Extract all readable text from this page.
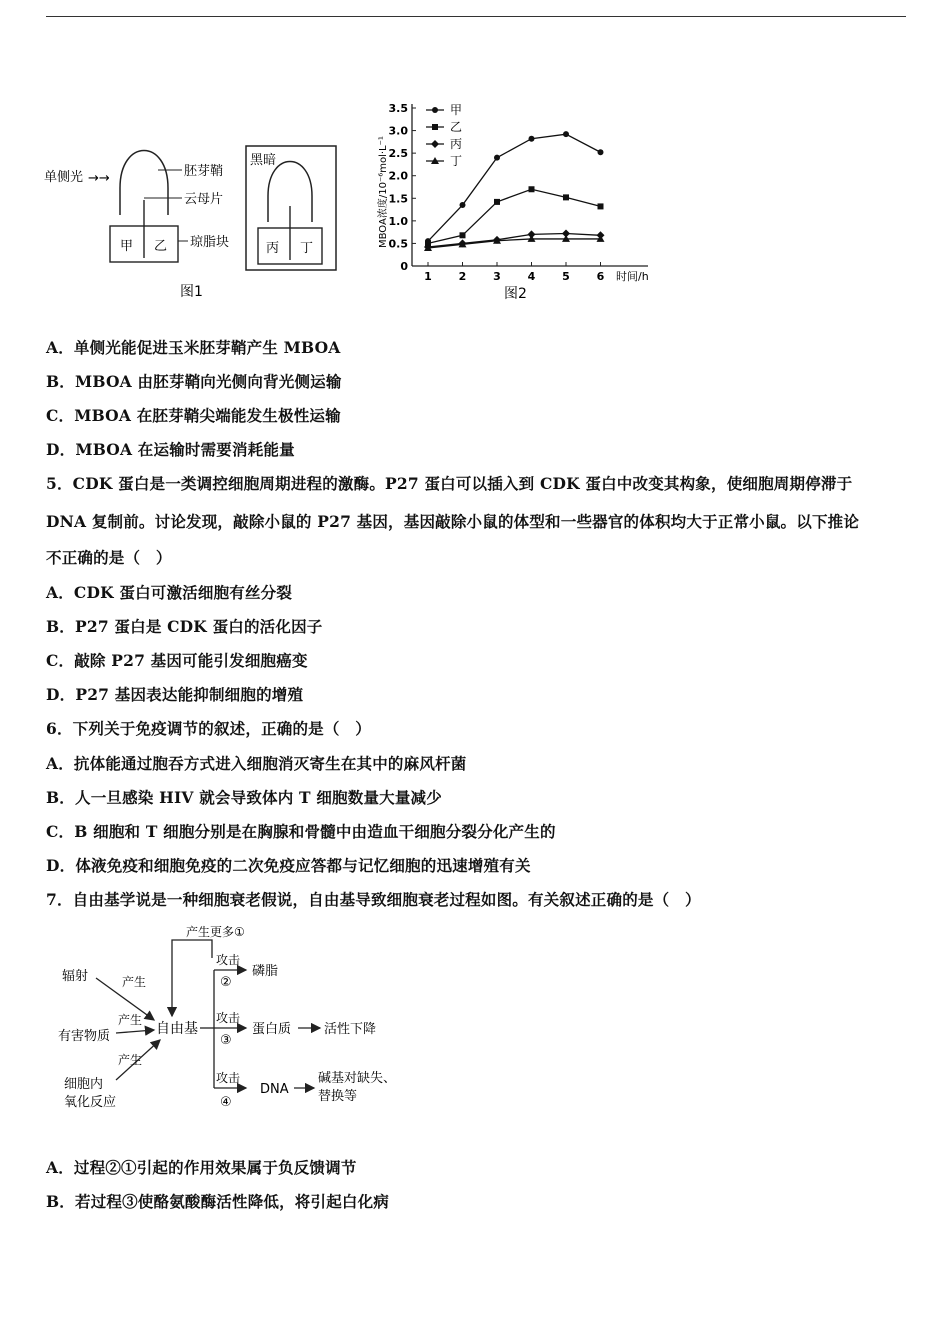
单侧光 →→
甲 乙
胚芽鞘
云母片
琼脂块
图1
黑暗
丙 丁
0
0.5
1.0
1.5
2.0
2.5
3.0
3.5
1 2 3 4 5 6
甲
乙
丙
丁
MBOA浓度/10⁻⁶mol·L⁻¹
时间/h
图2
A．单侧光能促进玉米胚芽鞘产生 MBOA
B．MBOA 由胚芽鞘向光侧向背光侧运输
C．MBOA 在胚芽鞘尖端能发生极性运输
D．MBOA 在运输时需要消耗能量
5．CDK 蛋白是一类调控细胞周期进程的激酶。P27 蛋白可以插入到 CDK 蛋白中改变其构象，使细胞周期停滞于
DNA 复制前。讨论发现，敲除小鼠的 P27 基因，基因敲除小鼠的体型和一些器官的体积均大于正常小鼠。以下推论
不正确的是（　）
A．CDK 蛋白可激活细胞有丝分裂
B．P27 蛋白是 CDK 蛋白的活化因子
C．敲除 P27 基因可能引发细胞癌变
D．P27 基因表达能抑制细胞的增殖
6．下列关于免疫调节的叙述，正确的是（　）
A．抗体能通过胞吞方式进入细胞消灭寄生在其中的麻风杆菌
B．人一旦感染 HIV 就会导致体内 T 细胞数量大量减少
C．B 细胞和 T 细胞分别是在胸腺和骨髓中由造血干细胞分裂分化产生的
D．体液免疫和细胞免疫的二次免疫应答都与记忆细胞的迅速增殖有关
7．自由基学说是一种细胞衰老假说，自由基导致细胞衰老过程如图。有关叙述正确的是（　）
A．过程②①引起的作用效果属于负反馈调节
B．若过程③使酪氨酸酶活性降低，将引起白化病
辐射
有害物质
细胞内
氧化反应
产生
产生
产生
自由基
产生更多①
攻击
②
攻击
③
攻击
④
磷脂
蛋白质	活性下降
DNA
碱基对缺失、
替换等
